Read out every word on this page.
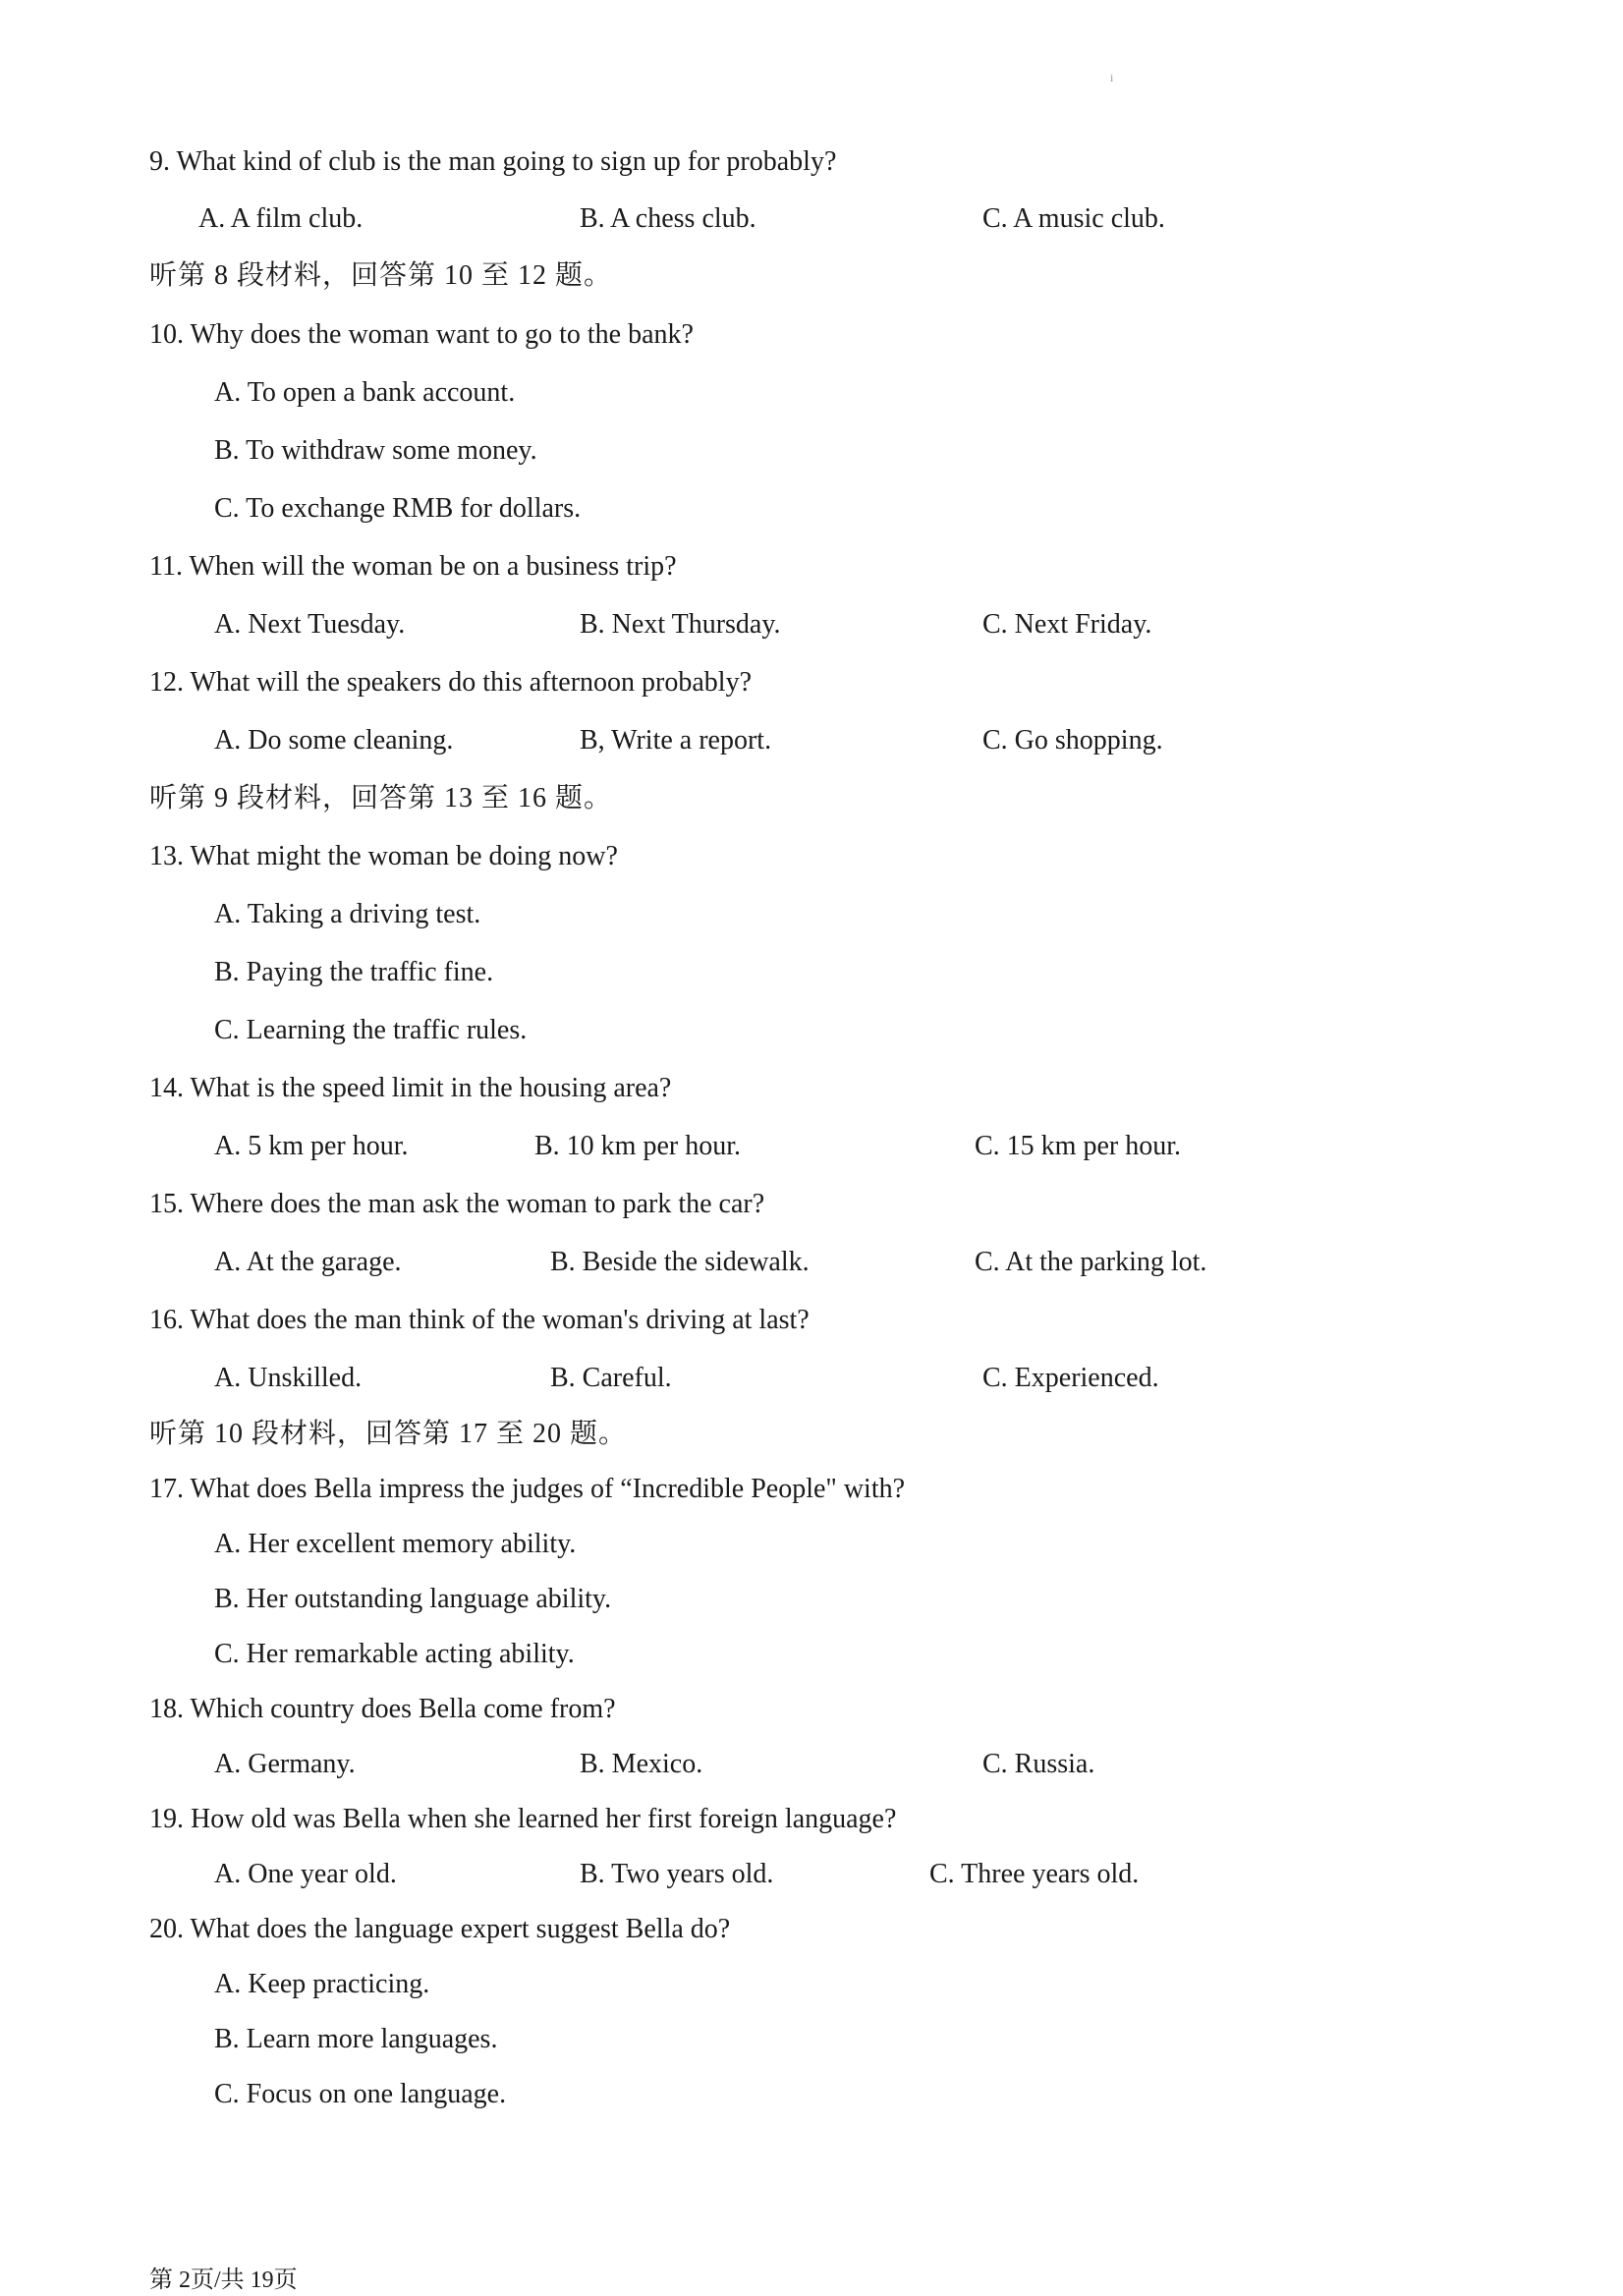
i
9. What kind of club is the man going to sign up for probably?
A. A film club.	B. A chess club.	C. A music club.
听第 8 段材料，回答第 10 至 12 题。
10. Why does the woman want to go to the bank?
A. To open a bank account.
B. To withdraw some money.
C. To exchange RMB for dollars.
11. When will the woman be on a business trip?
A. Next Tuesday.	B. Next Thursday.	C. Next Friday.
12. What will the speakers do this afternoon probably?
A. Do some cleaning.	B, Write a report.	C. Go shopping.
听第 9 段材料，回答第 13 至 16 题。
13. What might the woman be doing now?
A. Taking a driving test.
B. Paying the traffic fine.
C. Learning the traffic rules.
14. What is the speed limit in the housing area?
A. 5 km per hour.	B. 10 km per hour.	C. 15 km per hour.
15. Where does the man ask the woman to park the car?
A. At the garage.	B. Beside the sidewalk.	C. At the parking lot.
16. What does the man think of the woman's driving at last?
A. Unskilled.	B. Careful.	C. Experienced.
听第 10 段材料，回答第 17 至 20 题。
17. What does Bella impress the judges of “Incredible People" with?
A. Her excellent memory ability.
B. Her outstanding language ability.
C. Her remarkable acting ability.
18. Which country does Bella come from?
A. Germany.	B. Mexico.	C. Russia.
19. How old was Bella when she learned her first foreign language?
A. One year old.	B. Two years old.	C. Three years old.
20. What does the language expert suggest Bella do?
A. Keep practicing.
B. Learn more languages.
C. Focus on one language.
第 2页/共 19页
